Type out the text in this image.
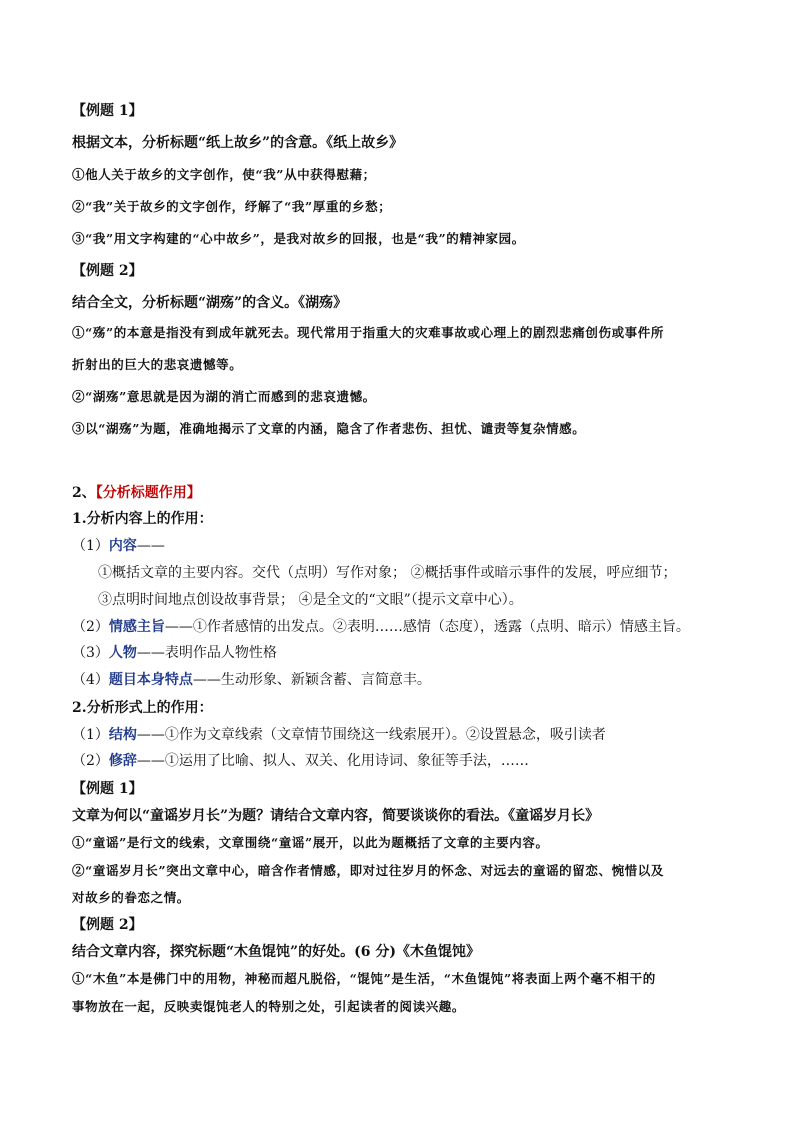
【例题 1】
根据文本，分析标题“纸上故乡”的含意。《纸上故乡》
①他人关于故乡的文字创作，使“我”从中获得慰藉；
②“我”关于故乡的文字创作，纾解了“我”厚重的乡愁；
③“我”用文字构建的“心中故乡”，是我对故乡的回报，也是“我”的精神家园。
【例题 2】
结合全文，分析标题“湖殇”的含义。《湖殇》
①“殇”的本意是指没有到成年就死去。现代常用于指重大的灾难事故或心理上的剧烈悲痛创伤或事件所
折射出的巨大的悲哀遗憾等。
②“湖殇”意思就是因为湖的消亡而感到的悲哀遗憾。
③以“湖殇”为题，准确地揭示了文章的内涵，隐含了作者悲伤、担忧、谴责等复杂情感。
2、【分析标题作用】
1.分析内容上的作用：
（1）内容——
①概括文章的主要内容。交代（点明）写作对象； ②概括事件或暗示事件的发展，呼应细节；
③点明时间地点创设故事背景； ④是全文的“文眼”（提示文章中心）。
（2）情感主旨——①作者感情的出发点。②表明……感情（态度），透露（点明、暗示）情感主旨。
（3）人物——表明作品人物性格
（4）题目本身特点——生动形象、新颖含蓄、言简意丰。
2.分析形式上的作用：
（1）结构——①作为文章线索（文章情节围绕这一线索展开）。②设置悬念，吸引读者
（2）修辞——①运用了比喻、拟人、双关、化用诗词、象征等手法，……
【例题 1】
文章为何以“童谣岁月长”为题？请结合文章内容，简要谈谈你的看法。《童谣岁月长》
①“童谣”是行文的线索，文章围绕“童谣”展开，以此为题概括了文章的主要内容。
②“童谣岁月长”突出文章中心，暗含作者情感，即对过往岁月的怀念、对远去的童谣的留恋、惋惜以及
对故乡的眷恋之情。
【例题 2】
结合文章内容，探究标题“木鱼馄饨”的好处。(6 分)《木鱼馄饨》
①“木鱼”本是佛门中的用物，神秘而超凡脱俗，“馄饨”是生活，“木鱼馄饨”将表面上两个毫不相干的
事物放在一起，反映卖馄饨老人的特别之处，引起读者的阅读兴趣。
